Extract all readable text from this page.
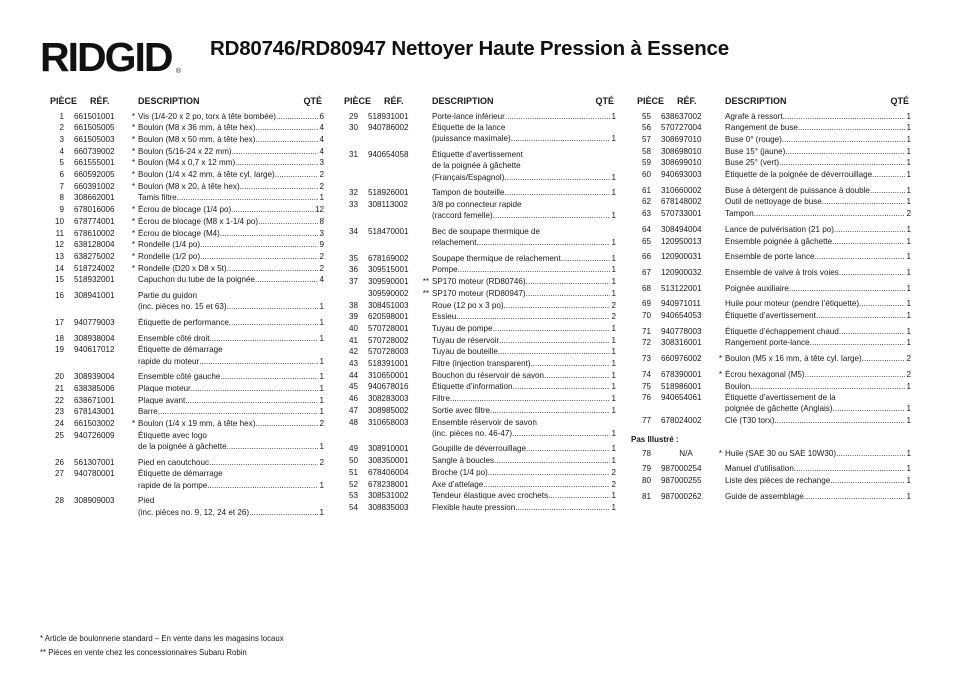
RIDGID ®
RD80746/RD80947 Nettoyer Haute Pression à Essence
PIÈCE RÉF.	DESCRIPTION	QTÉ
1	661501001	* Vis (1/4-20 x 2 po, torx à tête bombée) .....	6
2	661505005	* Boulon (M8 x 36 mm, à tête hex) .....	4
3	661505003	* Boulon (M8 x 50 mm, à tête hex) .....	4
4	660739002	* Boulon (5/16-24 x 22 mm) .....	4
5	661555001	* Boulon (M4 x 0,7 x 12 mm) .....	3
6	660592005	* Boulon (1/4 x 42 mm, à tête cyl. large) .....	2
7	660391002	* Boulon (M8 x 20, à tête hex) .....	2
8	308662001	Tamis filtre .....	1
9	678016006	* Écrou de blocage (1/4 po) .....	12
10	678774001	* Écrou de blocage (M8 x 1-1/4 po) .....	8
11	678610002	* Écrou de blocage (M4) .....	3
12	638128004	* Rondelle (1/4 po) .....	9
13	638275002	* Rondelle (1/2 po) .....	2
14	518724002	* Rondelle (D20 x D8 x 5t) .....	2
15	518932001	Capuchon du tube de la poignée .....	4
16	308941001	Partie du guidon
(inc. pièces no. 15 et 63) .....	1
17	940779003	Étiquette de performance .....	1
18	308938004	Ensemble côté droit .....	1
19	940617012	Étiquette de démarrage
rapide du moteur .....	1
20	308939004	Ensemble côté gauche .....	1
21	638385006	Plaque moteur .....	1
22	638671001	Plaque avant .....	1
23	678143001	Barre .....	1
24	661503002	* Boulon (1/4 x 19 mm, à tête hex) .....	2
25	940726009	Étiquette avec logo
de la poignée à gâchette .....	1
26	561307001	Pied en caoutchouc .....	2
27	940780001	Étiquette de démarrage
rapide de la pompe .....	1
28	308909003	Pied
(inc. pièces no. 9, 12, 24 et 26) .....	1
PIÈCE RÉF.	DESCRIPTION	QTÉ
29	518931001	Porte-lance inférieur .....	1
30	940786002	Étiquette de la lance
(puissance maximale) .....	1
31	940654058	Étiquette d’avertissement
de la poignée à gâchette
(Français/Espagnol) .....	1
32	518926001	Tampon de bouteille .....	1
33	308113002	3/8 po connecteur rapide
(raccord femelle) .....	1
34	518470001	Bec de soupape thermique de
relachement .....	1
35	678169002	Soupape thermique de relachement .....	1
36	309515001	Pompe .....	1
37	309590001	** SP170 moteur (RD80746) .....	1
309590002	** SP170 moteur (RD80947) .....	1
38	308451003	Roue (12 po x 3 po) .....	2
39	620598001	Essieu .....	2
40	570728001	Tuyau de pompe .....	1
41	570728002	Tuyau de réservoir .....	1
42	570728003	Tuyau de bouteille .....	1
43	518391001	Filtre (injection transparent) .....	1
44	310650001	Bouchon du réservoir de savon .....	1
45	940678016	Étiquette d’information .....	1
46	308283003	Filtre .....	1
47	308985002	Sortie avec filtre .....	1
48	310658003	Ensemble réservoir de savon
(inc. pièces no. 46-47) .....	1
49	308910001	Goupille de déverrouillage .....	1
50	308350001	Sangle à boucles .....	1
51	678406004	Broche (1/4 po) .....	2
52	678238001	Axe d’attelage .....	2
53	308531002	Tendeur élastique avec crochets .....	1
54	308835003	Flexible haute pression .....	1
PIÈCE RÉF.	DESCRIPTION	QTÉ
55	638637002	Agrafe à ressort .....	1
56	570727004	Rangement de buse .....	1
57	308697010	Buse 0° (rouge) .....	1
58	308698010	Buse 15° (jaune) .....	1
59	308699010	Buse 25° (vert) .....	1
60	940693003	Étiquette de la poignée de déverrouillage .....	1
61	310660002	Buse à détergent de puissance à double .....	1
62	678148002	Outil de nettoyage de buse .....	1
63	570733001	Tampon .....	2
64	308494004	Lance de pulvérisation (21 po) .....	1
65	120950013	Ensemble poignée à gâchette .....	1
66	120900031	Ensemble de porte lance .....	1
67	120900032	Ensemble de valve à trois voies .....	1
68	513122001	Poignée auxiliaire .....	1
69	940971011	Huile pour moteur (pendre l’étiquette) .....	1
70	940654053	Étiquette d’avertissement .....	1
71	940778003	Étiquette d’échappement chaud .....	1
72	308316001	Rangement porte-lance .....	1
73	660976002	* Boulon (M5 x 16 mm, à tête cyl. large) .....	2
74	678390001	* Écrou hexagonal (M5) .....	2
75	518986001	Boulon .....	1
76	940654061	Étiquette d’avertissement de la
poignée de gâchette (Anglais) .....	1
77	678024002	Clé (T30 torx) .....	1
Pas Illustré :
78	N/A	* Huile (SAE 30 ou SAE 10W30) .....	1
79	987000254	Manuel d’utilisation .....	1
80	987000255	Liste des pièces de rechange .....	1
81	987000262	Guide de assemblage .....	1
* Article de boulonnerie standard – En vente dans les magasins locaux
** Piéces en vente chez les concessionnaires Subaru Robin
